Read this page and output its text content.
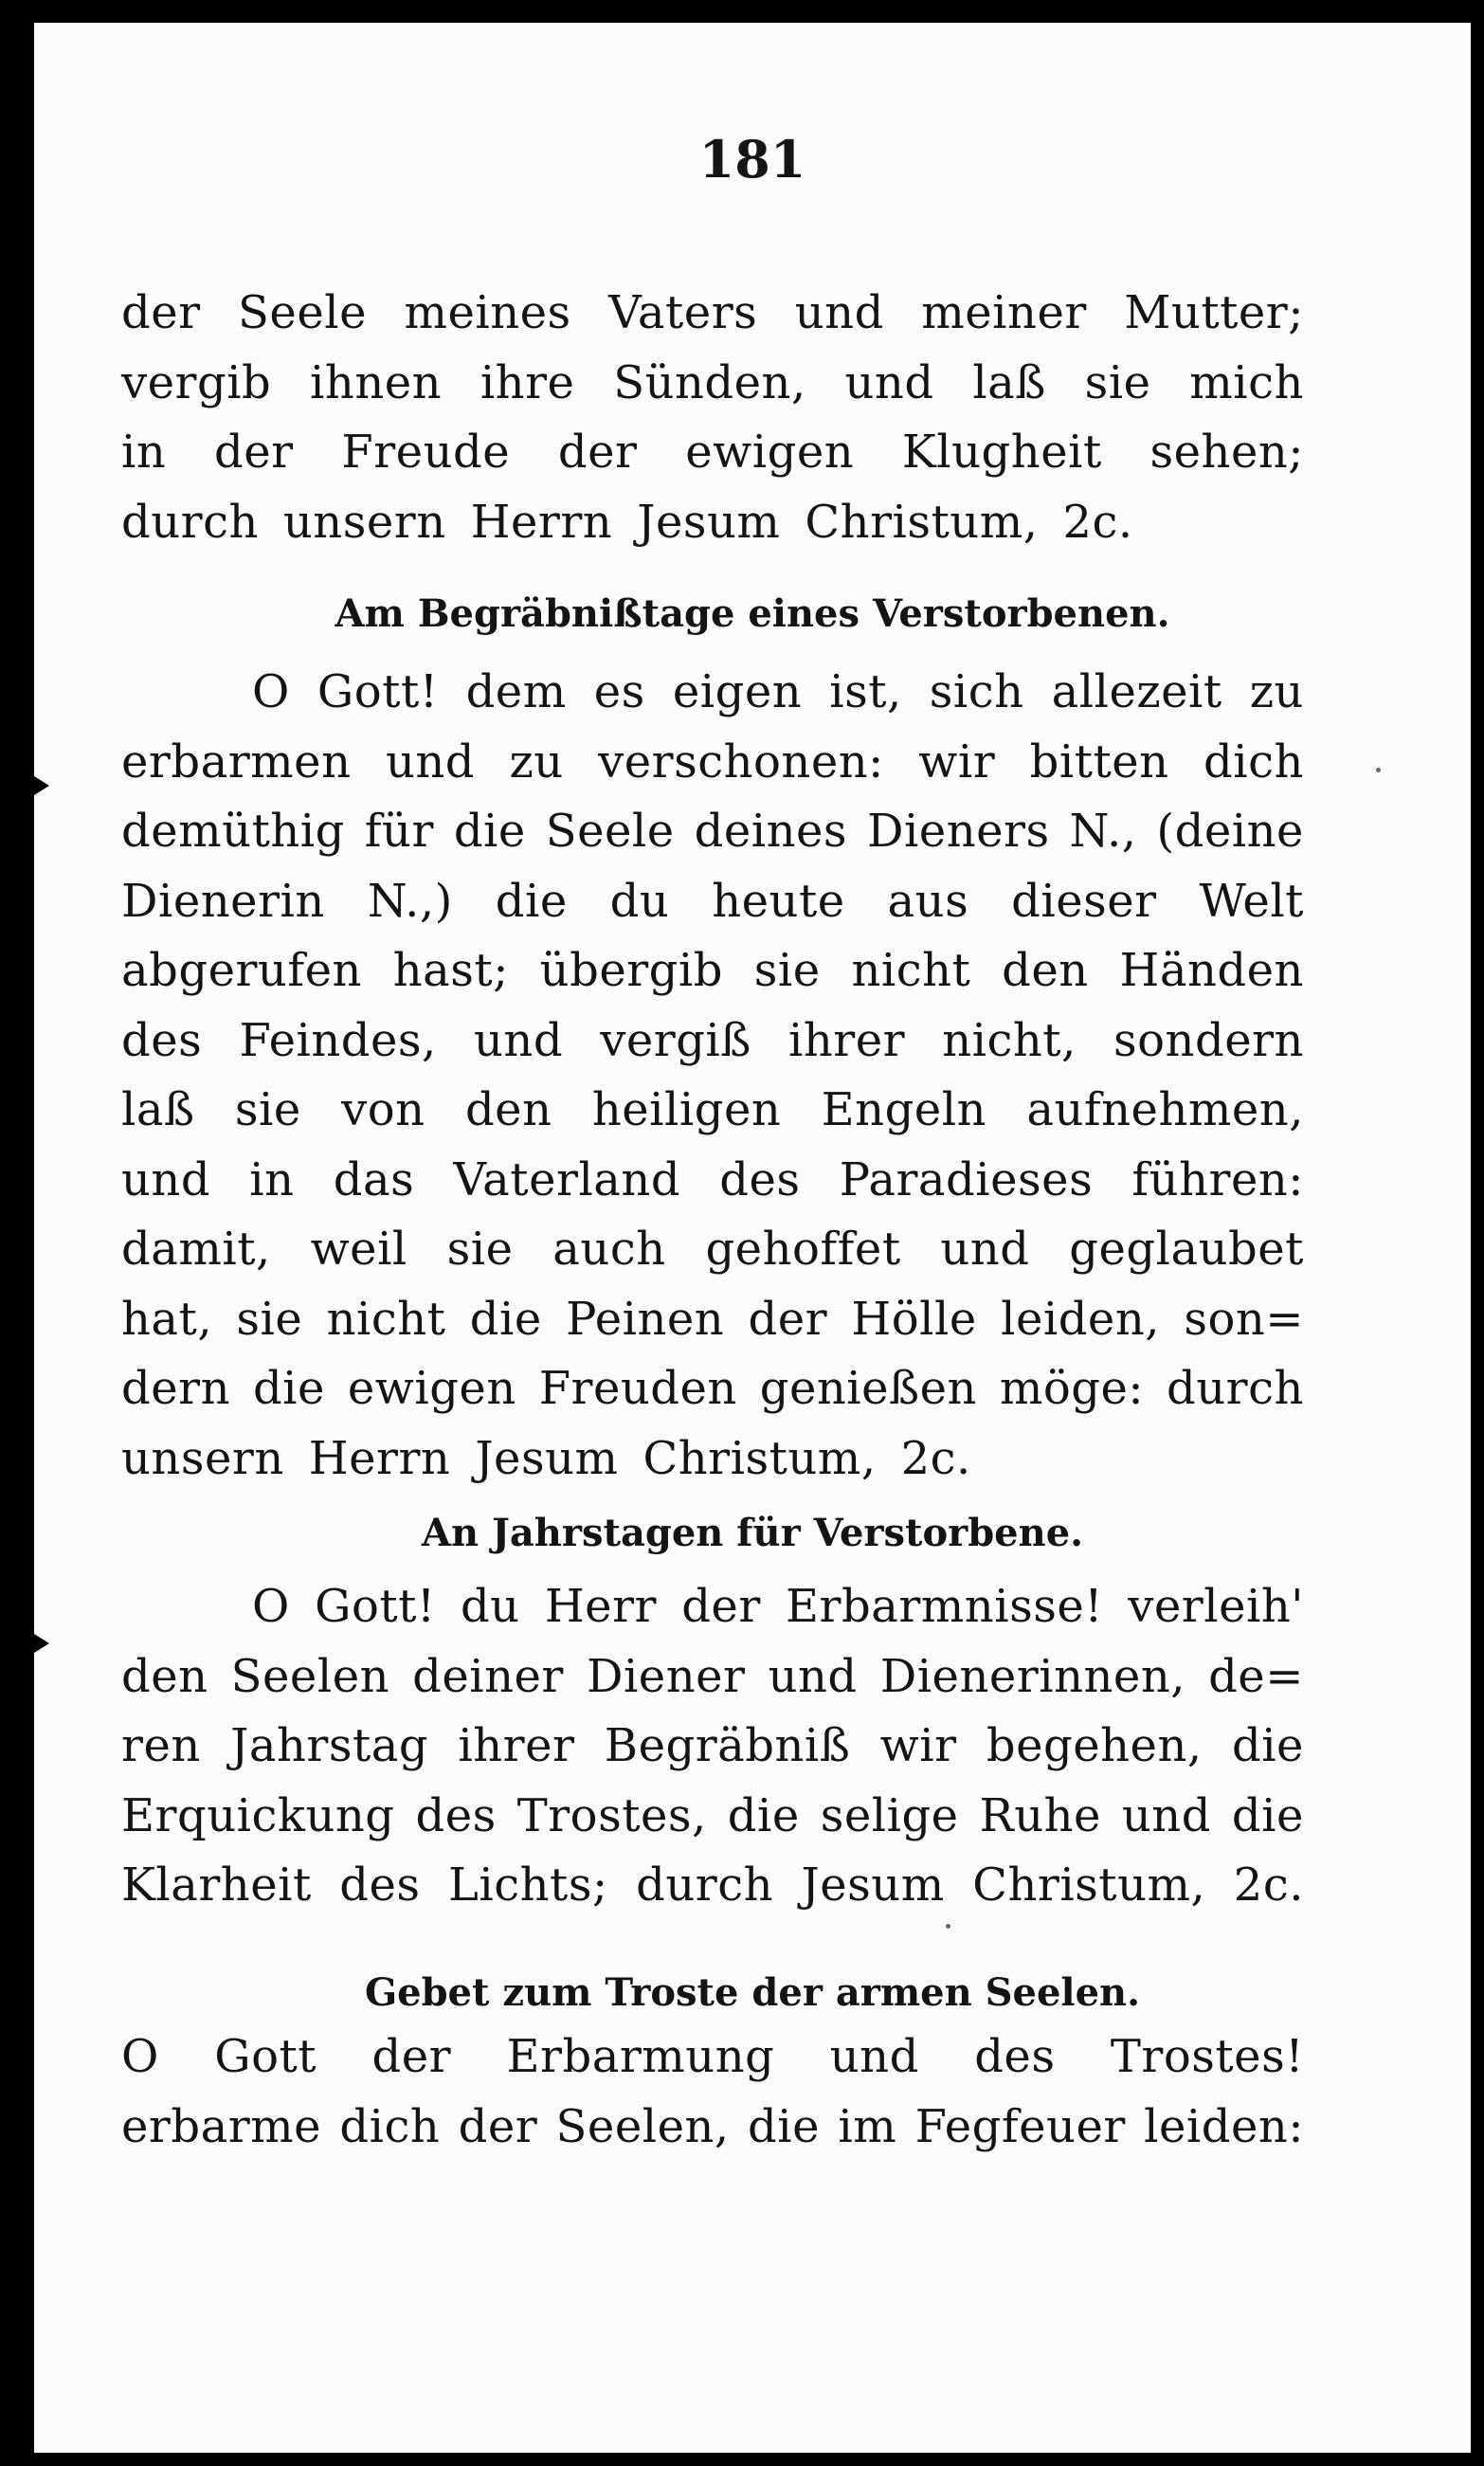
181
der Seele meines Vaters und meiner Mutter;
vergib ihnen ihre Sünden, und laß sie mich
in der Freude der ewigen Klugheit sehen;
durch unsern Herrn Jesum Christum, 2c.
Am Begräbnißtage eines Verstorbenen.
O Gott! dem es eigen ist, sich allezeit zu
erbarmen und zu verschonen: wir bitten dich
demüthig für die Seele deines Dieners N., (deine
Dienerin N.,) die du heute aus dieser Welt
abgerufen hast; übergib sie nicht den Händen
des Feindes, und vergiß ihrer nicht, sondern
laß sie von den heiligen Engeln aufnehmen,
und in das Vaterland des Paradieses führen:
damit, weil sie auch gehoffet und geglaubet
hat, sie nicht die Peinen der Hölle leiden, son=
dern die ewigen Freuden genießen möge: durch
unsern Herrn Jesum Christum, 2c.
An Jahrstagen für Verstorbene.
O Gott! du Herr der Erbarmnisse! verleih'
den Seelen deiner Diener und Dienerinnen, de=
ren Jahrstag ihrer Begräbniß wir begehen, die
Erquickung des Trostes, die selige Ruhe und die
Klarheit des Lichts; durch Jesum Christum, 2c.
Gebet zum Troste der armen Seelen.
O Gott der Erbarmung und des Trostes!
erbarme dich der Seelen, die im Fegfeuer leiden:
